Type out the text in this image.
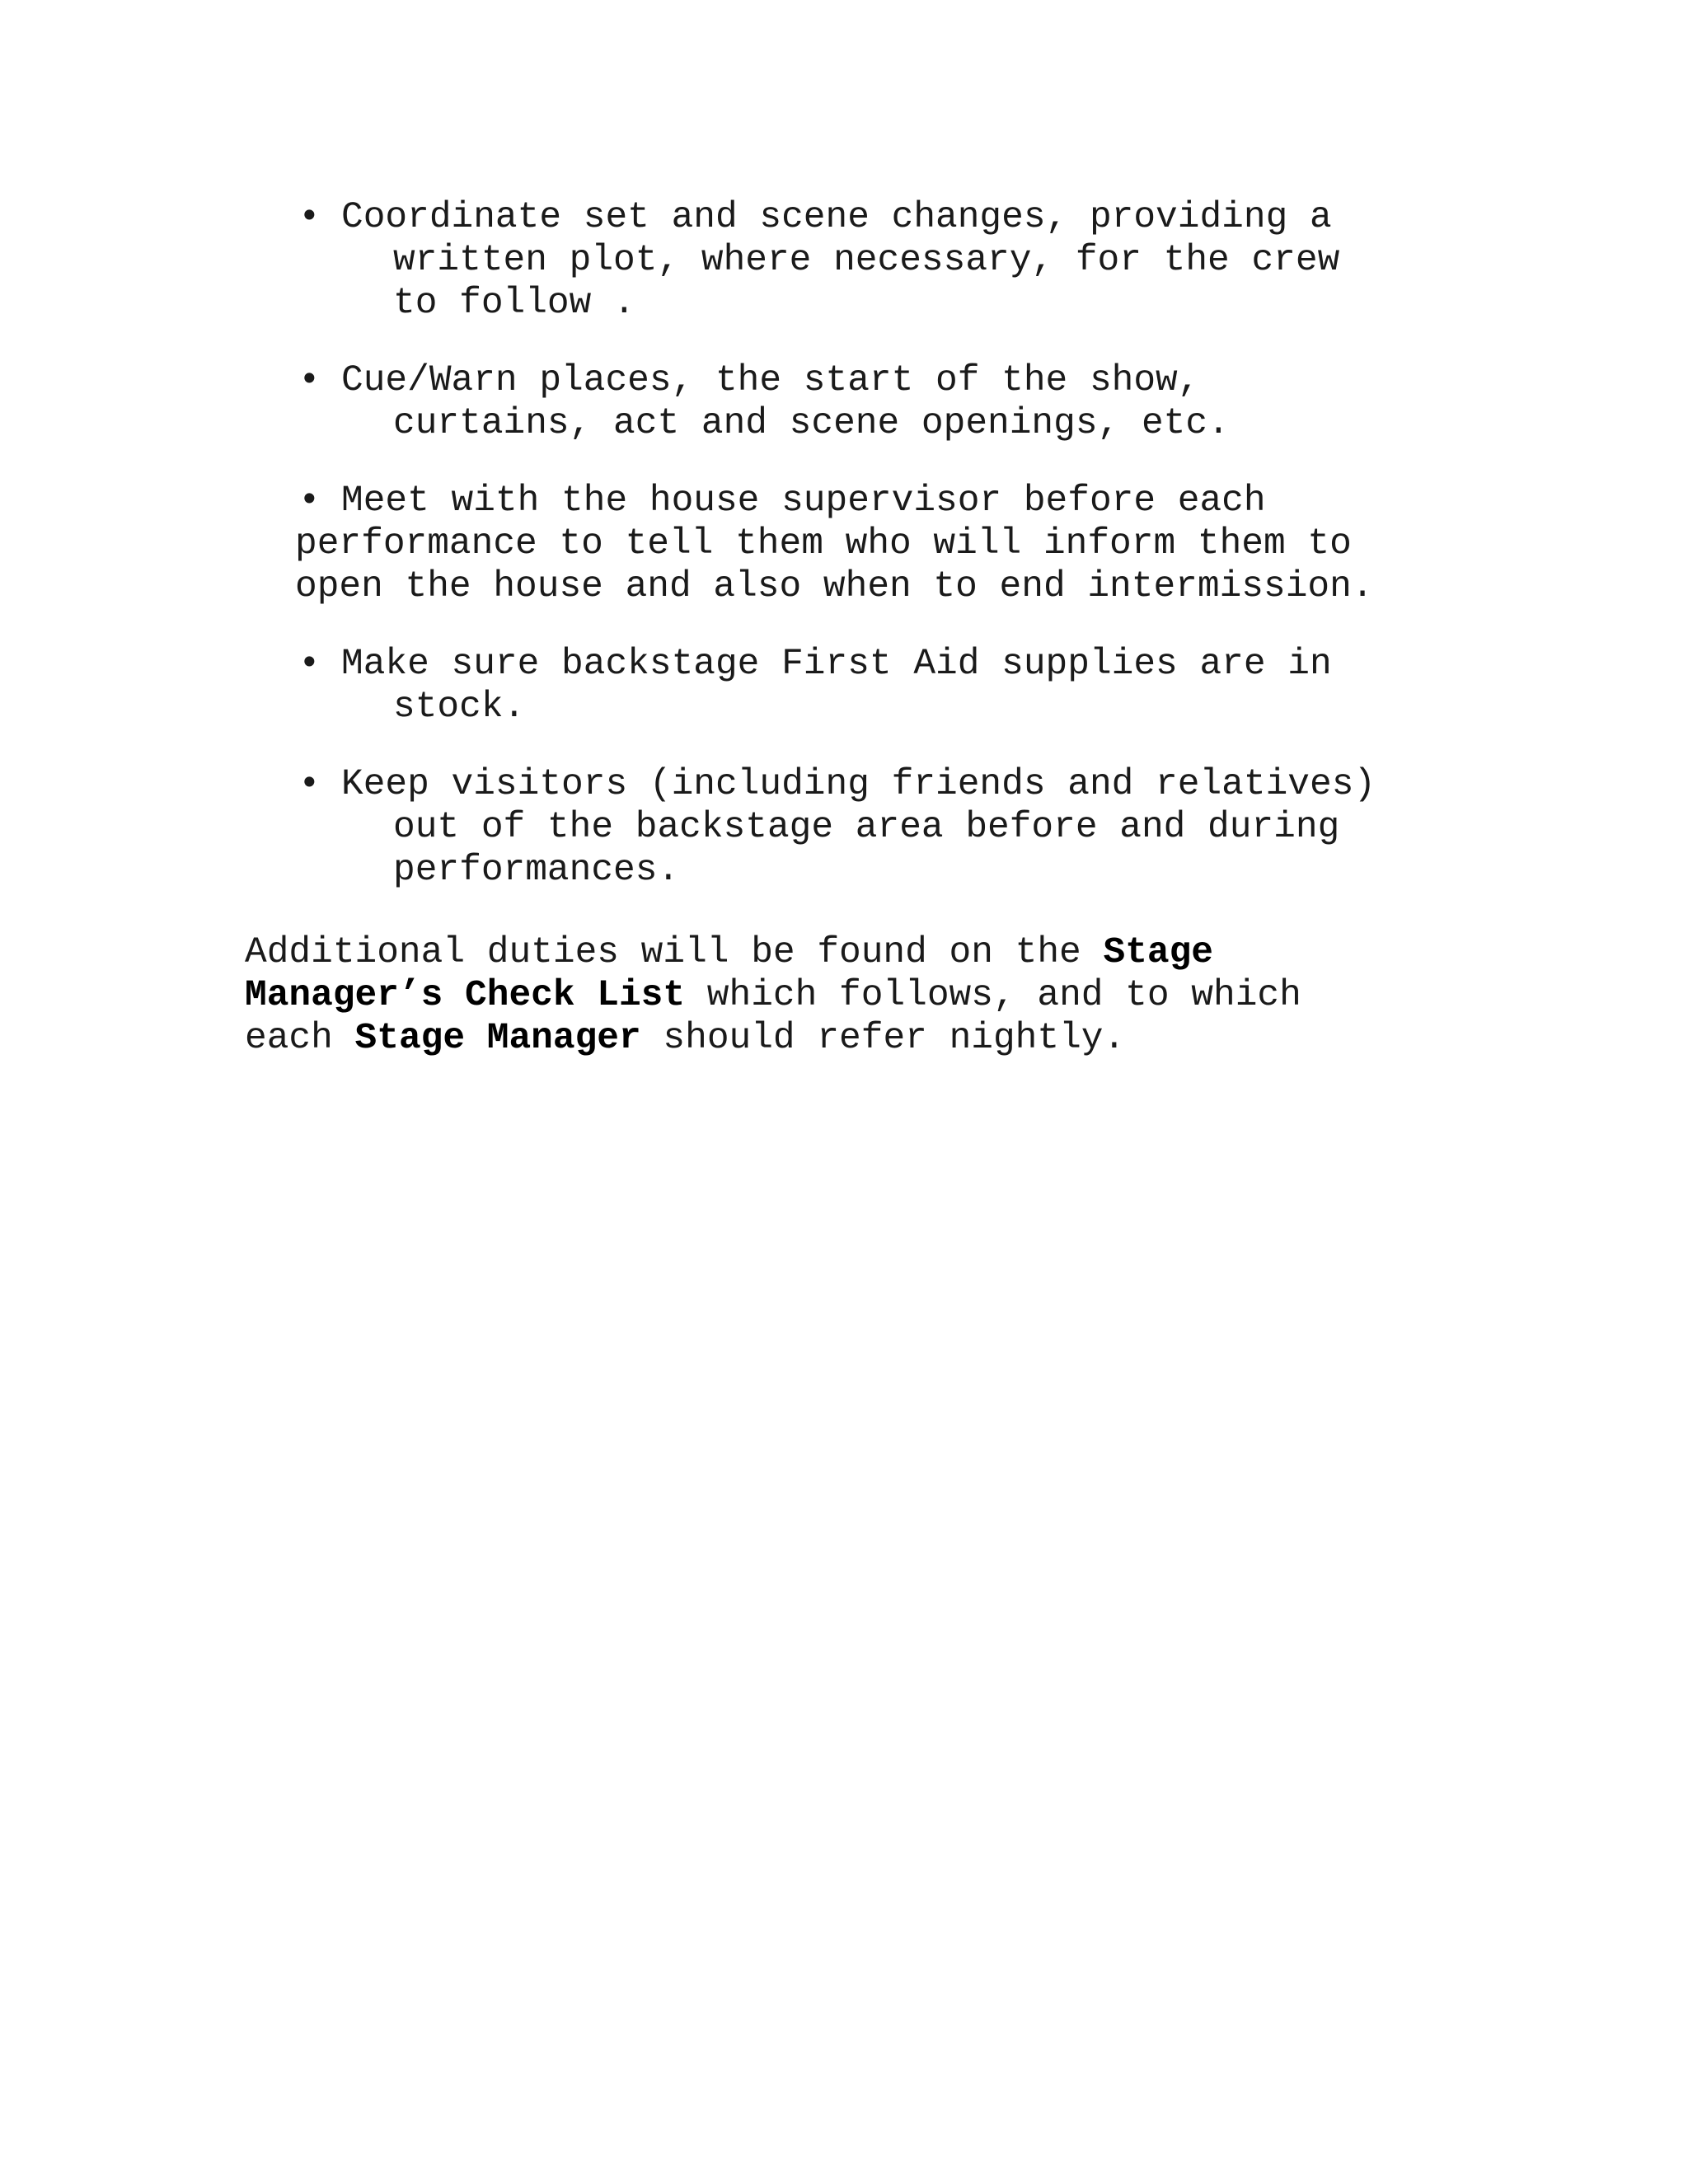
• Coordinate set and scene changes, providing a
written plot, where necessary, for the crew
to follow .
• Cue/Warn places, the start of the show,
curtains, act and scene openings, etc.
• Meet with the house supervisor before each
performance to tell them who will inform them to
open the house and also when to end intermission.
• Make sure backstage First Aid supplies are in
stock.
• Keep visitors (including friends and relatives)
out of the backstage area before and during
performances.
Additional duties will be found on the Stage
Manager’s Check List which follows, and to which
each Stage Manager should refer nightly.
